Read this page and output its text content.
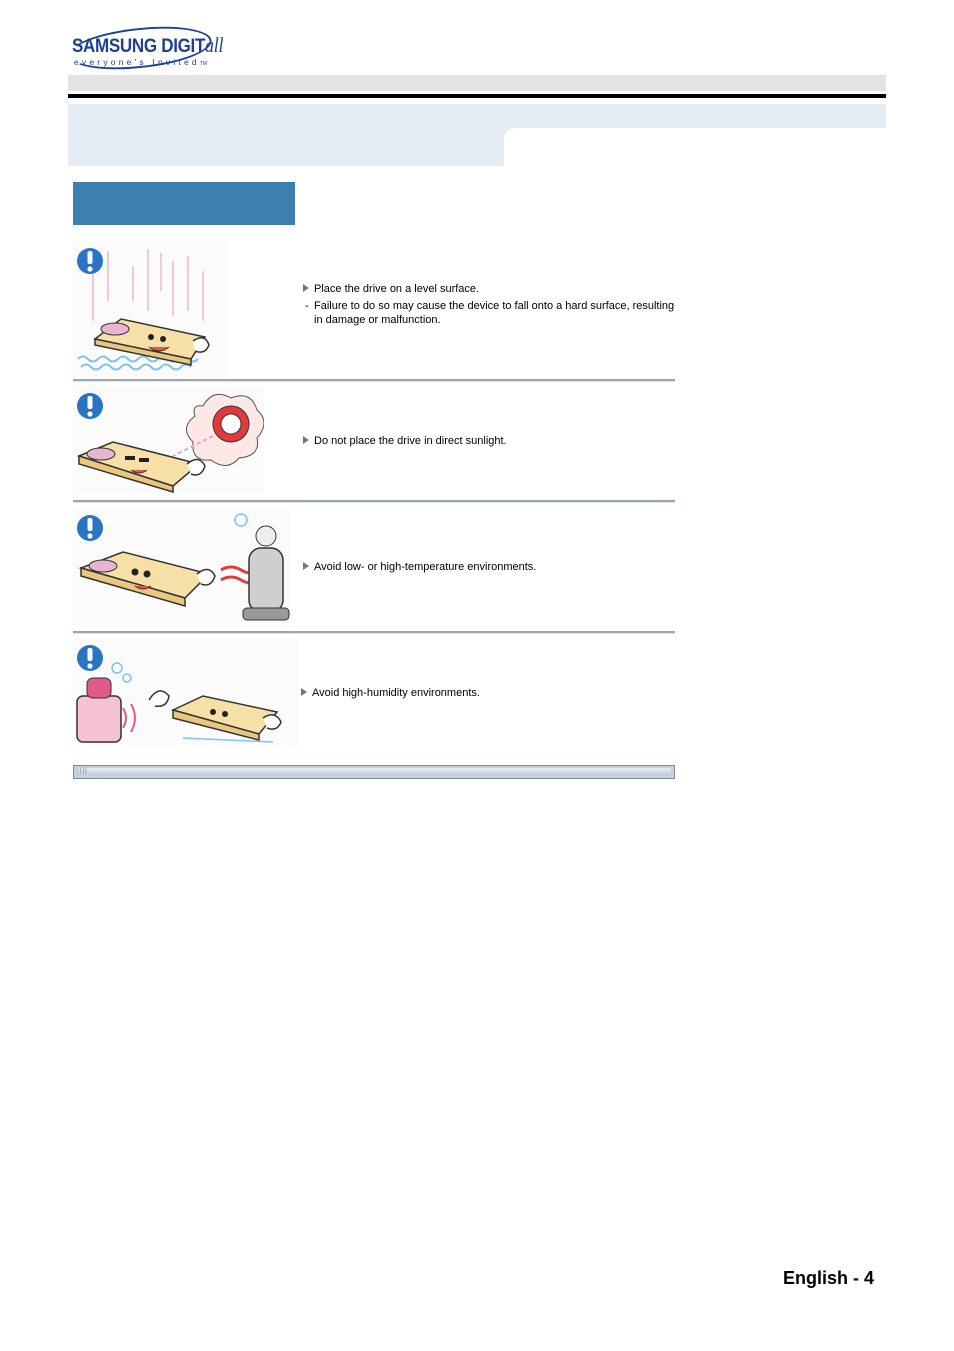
SAMSUNG DIGITall
everyone's InvitedTM
Place the drive on a level surface.
- Failure to do so may cause the device to fall onto a hard surface, resulting in damage or malfunction.
Do not place the drive in direct sunlight.
Avoid low- or high-temperature environments.
Avoid high-humidity environments.
|||
English - 4
